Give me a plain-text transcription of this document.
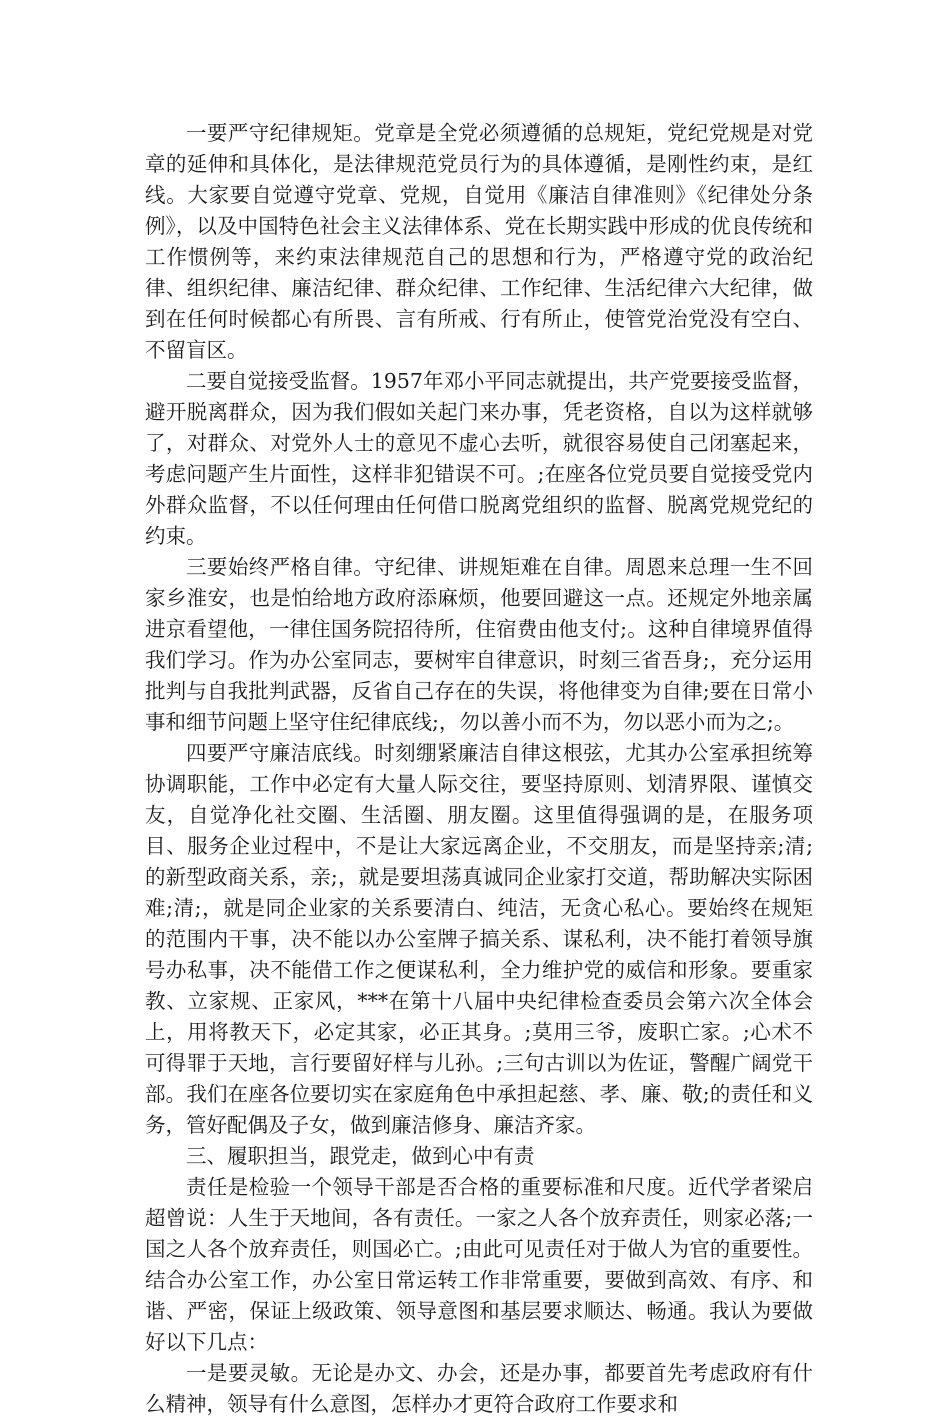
一要严守纪律规矩。党章是全党必须遵循的总规矩，党纪党规是对党章的延伸和具体化，是法律规范党员行为的具体遵循，是刚性约束，是红线。大家要自觉遵守党章、党规，自觉用《廉洁自律准则》《纪律处分条例》，以及中国特色社会主义法律体系、党在长期实践中形成的优良传统和工作惯例等，来约束法律规范自己的思想和行为，严格遵守党的政治纪律、组织纪律、廉洁纪律、群众纪律、工作纪律、生活纪律六大纪律，做到在任何时候都心有所畏、言有所戒、行有所止，使管党治党没有空白、不留盲区。

二要自觉接受监督。1957年邓小平同志就提出，共产党要接受监督，避开脱离群众，因为我们假如关起门来办事，凭老资格，自以为这样就够了，对群众、对党外人士的意见不虚心去听，就很容易使自己闭塞起来，考虑问题产生片面性，这样非犯错误不可。;在座各位党员要自觉接受党内外群众监督，不以任何理由任何借口脱离党组织的监督、脱离党规党纪的约束。

三要始终严格自律。守纪律、讲规矩难在自律。周恩来总理一生不回家乡淮安，也是怕给地方政府添麻烦，他要回避这一点。还规定外地亲属进京看望他，一律住国务院招待所，住宿费由他支付;。这种自律境界值得我们学习。作为办公室同志，要树牢自律意识，时刻三省吾身;，充分运用批判与自我批判武器，反省自己存在的失误，将他律变为自律;要在日常小事和细节问题上坚守住纪律底线;，勿以善小而不为，勿以恶小而为之;。

四要严守廉洁底线。时刻绷紧廉洁自律这根弦，尤其办公室承担统筹协调职能，工作中必定有大量人际交往，要坚持原则、划清界限、谨慎交友，自觉净化社交圈、生活圈、朋友圈。这里值得强调的是，在服务项目、服务企业过程中，不是让大家远离企业，不交朋友，而是坚持亲;清;的新型政商关系，亲;，就是要坦荡真诚同企业家打交道，帮助解决实际困难;清;，就是同企业家的关系要清白、纯洁，无贪心私心。要始终在规矩的范围内干事，决不能以办公室牌子搞关系、谋私利，决不能打着领导旗号办私事，决不能借工作之便谋私利，全力维护党的威信和形象。要重家教、立家规、正家风，***在第十八届中央纪律检查委员会第六次全体会上，用将教天下，必定其家，必正其身。;莫用三爷，废职亡家。;心术不可得罪于天地，言行要留好样与儿孙。;三句古训以为佐证，警醒广阔党干部。我们在座各位要切实在家庭角色中承担起慈、孝、廉、敬;的责任和义务，管好配偶及子女，做到廉洁修身、廉洁齐家。

三、履职担当，跟党走，做到心中有责

责任是检验一个领导干部是否合格的重要标准和尺度。近代学者梁启超曾说：人生于天地间，各有责任。一家之人各个放弃责任，则家必落;一国之人各个放弃责任，则国必亡。;由此可见责任对于做人为官的重要性。结合办公室工作，办公室日常运转工作非常重要，要做到高效、有序、和谐、严密，保证上级政策、领导意图和基层要求顺达、畅通。我认为要做好以下几点：

一是要灵敏。无论是办文、办会，还是办事，都要首先考虑政府有什么精神，领导有什么意图，怎样办才更符合政府工作要求和
